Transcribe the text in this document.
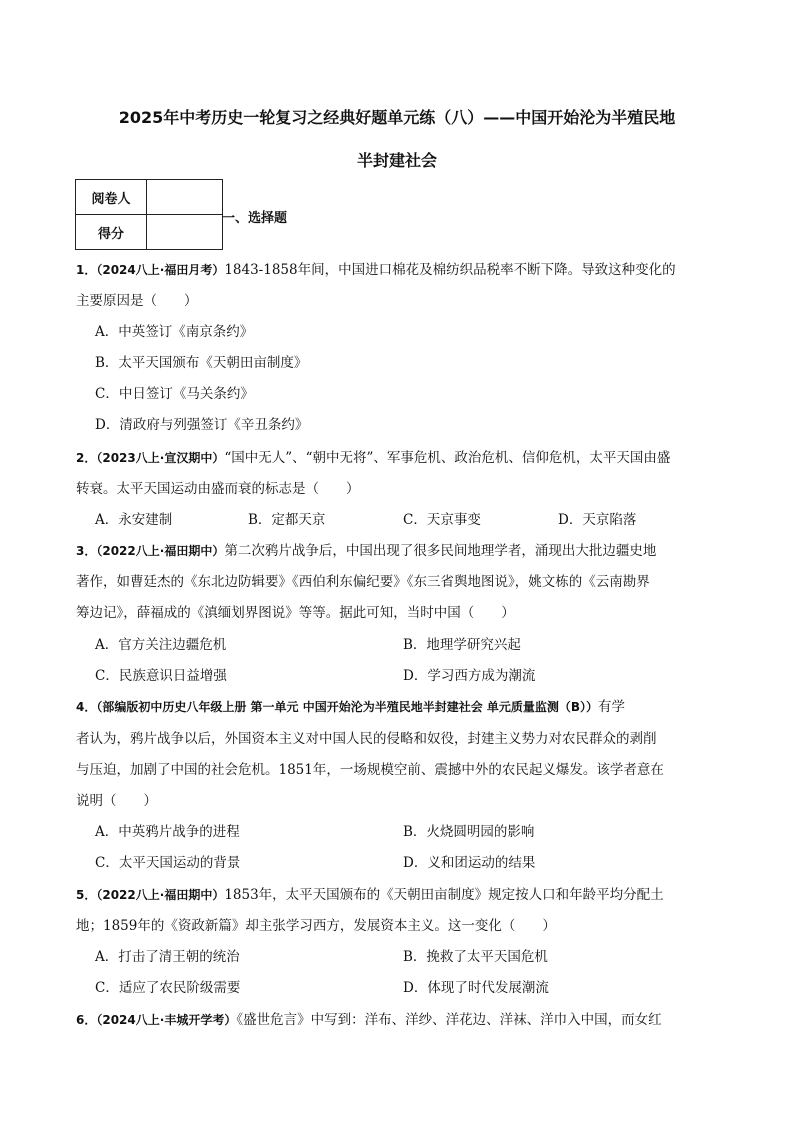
2025年中考历史一轮复习之经典好题单元练（八）——中国开始沦为半殖民地
半封建社会
阅卷人	
得分	
一、选择题
1．（2024八上·福田月考）1843-1858年间，中国进口棉花及棉纺织品税率不断下降。导致这种变化的
主要原因是（　　）
A．中英签订《南京条约》
B．太平天国颁布《天朝田亩制度》
C．中日签订《马关条约》
D．清政府与列强签订《辛丑条约》
2．（2023八上·宣汉期中）“国中无人”、“朝中无将”、军事危机、政治危机、信仰危机，太平天国由盛
转衰。太平天国运动由盛而衰的标志是（　　）
A．永安建制	B．定都天京	C．天京事变	D．天京陷落
3．（2022八上·福田期中）第二次鸦片战争后，中国出现了很多民间地理学者，涌现出大批边疆史地
著作，如曹廷杰的《东北边防辑要》《西伯利东偏纪要》《东三省舆地图说》，姚文栋的《云南勘界
筹边记》，薛福成的《滇缅划界图说》等等。据此可知，当时中国（　　）
A．官方关注边疆危机	B．地理学研究兴起
C．民族意识日益增强	D．学习西方成为潮流
4．（部编版初中历史八年级上册 第一单元 中国开始沦为半殖民地半封建社会 单元质量监测（B））有学
者认为，鸦片战争以后，外国资本主义对中国人民的侵略和奴役，封建主义势力对农民群众的剥削
与压迫，加剧了中国的社会危机。1851年，一场规模空前、震撼中外的农民起义爆发。该学者意在
说明（　　）
A．中英鸦片战争的进程	B．火烧圆明园的影响
C．太平天国运动的背景	D．义和团运动的结果
5．（2022八上·福田期中）1853年，太平天国颁布的《天朝田亩制度》规定按人口和年龄平均分配土
地；1859年的《资政新篇》却主张学习西方，发展资本主义。这一变化（　　）
A．打击了清王朝的统治	B．挽救了太平天国危机
C．适应了农民阶级需要	D．体现了时代发展潮流
6．（2024八上·丰城开学考）《盛世危言》中写到：洋布、洋纱、洋花边、洋袜、洋巾入中国，而女红
